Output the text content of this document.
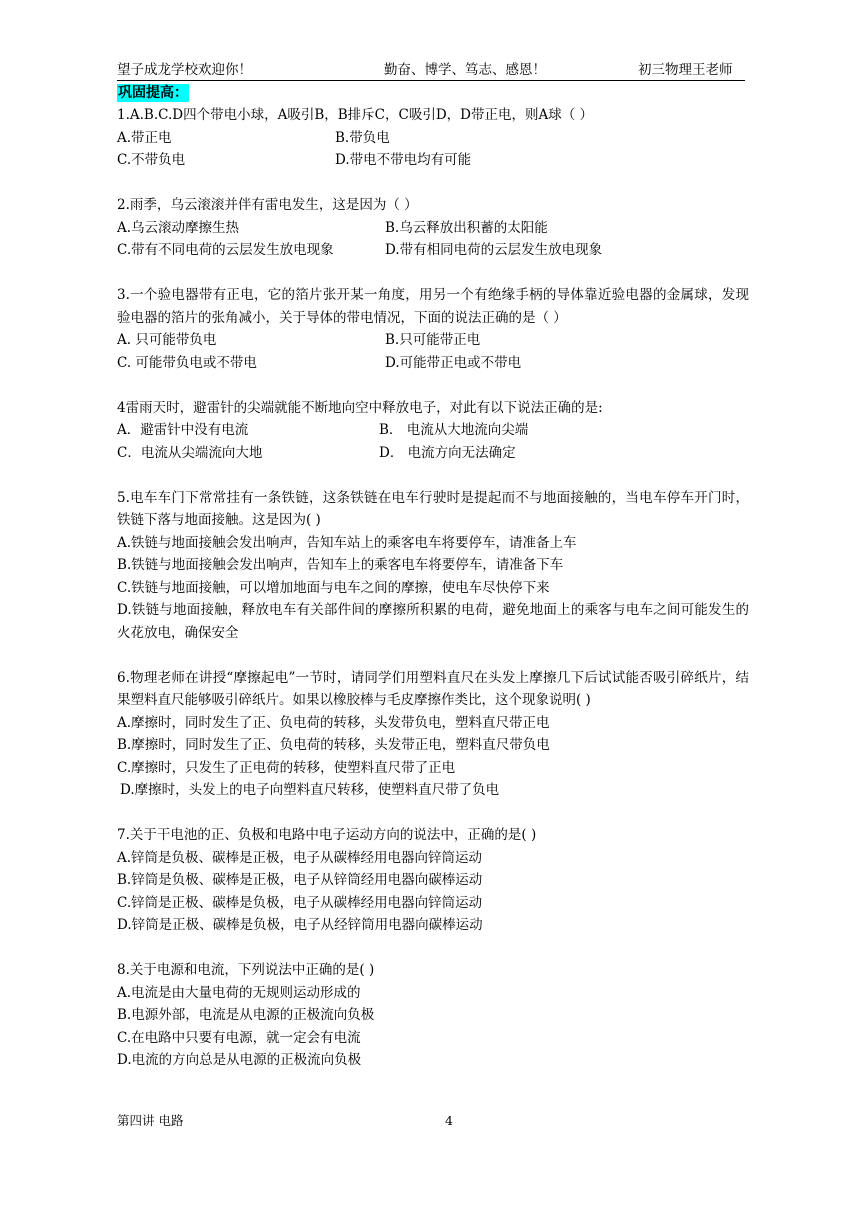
望子成龙学校欢迎你！	勤奋、博学、笃志、感恩！	初三物理王老师
巩固提高：

1.A.B.C.D四个带电小球，A吸引B，B排斥C，C吸引D，D带正电，则A球（ ）

A.带正电	B.带负电
C.不带负电	D.带电不带电均有可能

2.雨季，乌云滚滚并伴有雷电发生，这是因为（ ）

A.乌云滚动摩擦生热	B.乌云释放出积蓄的太阳能
C.带有不同电荷的云层发生放电现象	D.带有相同电荷的云层发生放电现象

3.一个验电器带有正电，它的箔片张开某一角度，用另一个有绝缘手柄的导体靠近验电器的金属球，发现验电器的箔片的张角减小，关于导体的带电情况，下面的说法正确的是（ ）

A. 只可能带负电	B.只可能带正电
C. 可能带负电或不带电	D.可能带正电或不带电

4雷雨天时，避雷针的尖端就能不断地向空中释放电子，对此有以下说法正确的是:

A．避雷针中没有电流	B． 电流从大地流向尖端
C．电流从尖端流向大地	D． 电流方向无法确定

5.电车车门下常常挂有一条铁链，这条铁链在电车行驶时是提起而不与地面接触的，当电车停车开门时，铁链下落与地面接触。这是因为( )

A.铁链与地面接触会发出响声，告知车站上的乘客电车将要停车，请准备上车

B.铁链与地面接触会发出响声，告知车上的乘客电车将要停车，请准备下车

C.铁链与地面接触，可以增加地面与电车之间的摩擦，使电车尽快停下来

D.铁链与地面接触，释放电车有关部件间的摩擦所积累的电荷，避免地面上的乘客与电车之间可能发生的火花放电，确保安全

6.物理老师在讲授“摩擦起电”一节时，请同学们用塑料直尺在头发上摩擦几下后试试能否吸引碎纸片，结果塑料直尺能够吸引碎纸片。如果以橡胶棒与毛皮摩擦作类比，这个现象说明( )

A.摩擦时，同时发生了正、负电荷的转移，头发带负电，塑料直尺带正电

B.摩擦时，同时发生了正、负电荷的转移，头发带正电，塑料直尺带负电

C.摩擦时，只发生了正电荷的转移，使塑料直尺带了正电

D.摩擦时，头发上的电子向塑料直尺转移，使塑料直尺带了负电

7.关于干电池的正、负极和电路中电子运动方向的说法中，正确的是( )

A.锌筒是负极、碳棒是正极，电子从碳棒经用电器向锌筒运动

B.锌筒是负极、碳棒是正极，电子从锌筒经用电器向碳棒运动

C.锌筒是正极、碳棒是负极，电子从碳棒经用电器向锌筒运动

D.锌筒是正极、碳棒是负极，电子从经锌筒用电器向碳棒运动

8.关于电源和电流，下列说法中正确的是( )

A.电流是由大量电荷的无规则运动形成的

B.电源外部，电流是从电源的正极流向负极

C.在电路中只要有电源，就一定会有电流

D.电流的方向总是从电源的正极流向负极

第四讲 电路	4
